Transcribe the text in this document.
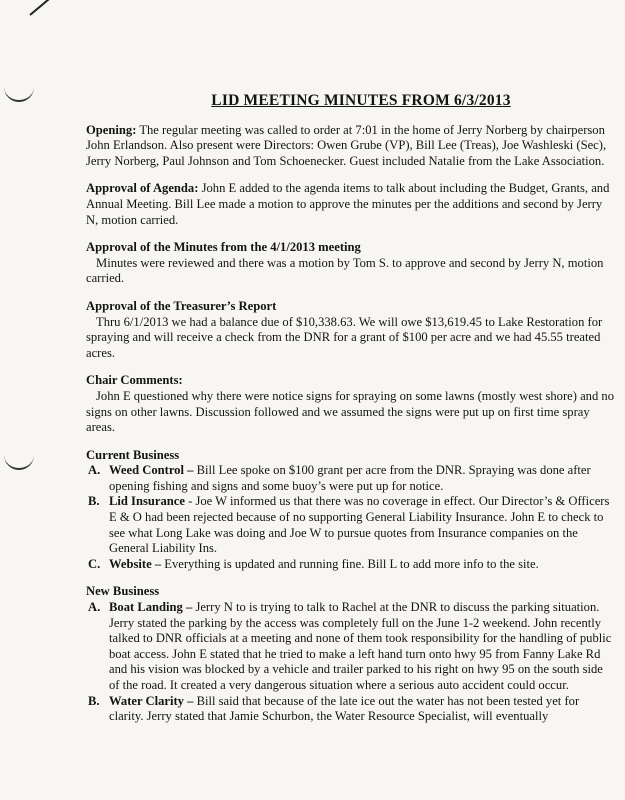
LID MEETING MINUTES FROM 6/3/2013

Opening: The regular meeting was called to order at 7:01 in the home of Jerry Norberg by chairperson John Erlandson. Also present were Directors: Owen Grube (VP), Bill Lee (Treas), Joe Washleski (Sec), Jerry Norberg, Paul Johnson and Tom Schoenecker. Guest included Natalie from the Lake Association.

Approval of Agenda: John E added to the agenda items to talk about including the Budget, Grants, and Annual Meeting. Bill Lee made a motion to approve the minutes per the additions and second by Jerry N, motion carried.

Approval of the Minutes from the 4/1/2013 meeting

Minutes were reviewed and there was a motion by Tom S. to approve and second by Jerry N, motion carried.

Approval of the Treasurer’s Report

Thru 6/1/2013 we had a balance due of $10,338.63. We will owe $13,619.45 to Lake Restoration for spraying and will receive a check from the DNR for a grant of $100 per acre and we had 45.55 treated acres.

Chair Comments:

John E questioned why there were notice signs for spraying on some lawns (mostly west shore) and no signs on other lawns. Discussion followed and we assumed the signs were put up on first time spray areas.

Current Business

A. Weed Control – Bill Lee spoke on $100 grant per acre from the DNR. Spraying was done after opening fishing and signs and some buoy’s were put up for notice.
B. Lid Insurance - Joe W informed us that there was no coverage in effect. Our Director’s & Officers E & O had been rejected because of no supporting General Liability Insurance. John E to check to see what Long Lake was doing and Joe W to pursue quotes from Insurance companies on the General Liability Ins.
C. Website – Everything is updated and running fine. Bill L to add more info to the site.

New Business

A. Boat Landing – Jerry N to is trying to talk to Rachel at the DNR to discuss the parking situation. Jerry stated the parking by the access was completely full on the June 1-2 weekend. John recently talked to DNR officials at a meeting and none of them took responsibility for the handling of public boat access. John E stated that he tried to make a left hand turn onto hwy 95 from Fanny Lake Rd and his vision was blocked by a vehicle and trailer parked to his right on hwy 95 on the south side of the road. It created a very dangerous situation where a serious auto accident could occur.
B. Water Clarity – Bill said that because of the late ice out the water has not been tested yet for clarity. Jerry stated that Jamie Schurbon, the Water Resource Specialist, will eventually
